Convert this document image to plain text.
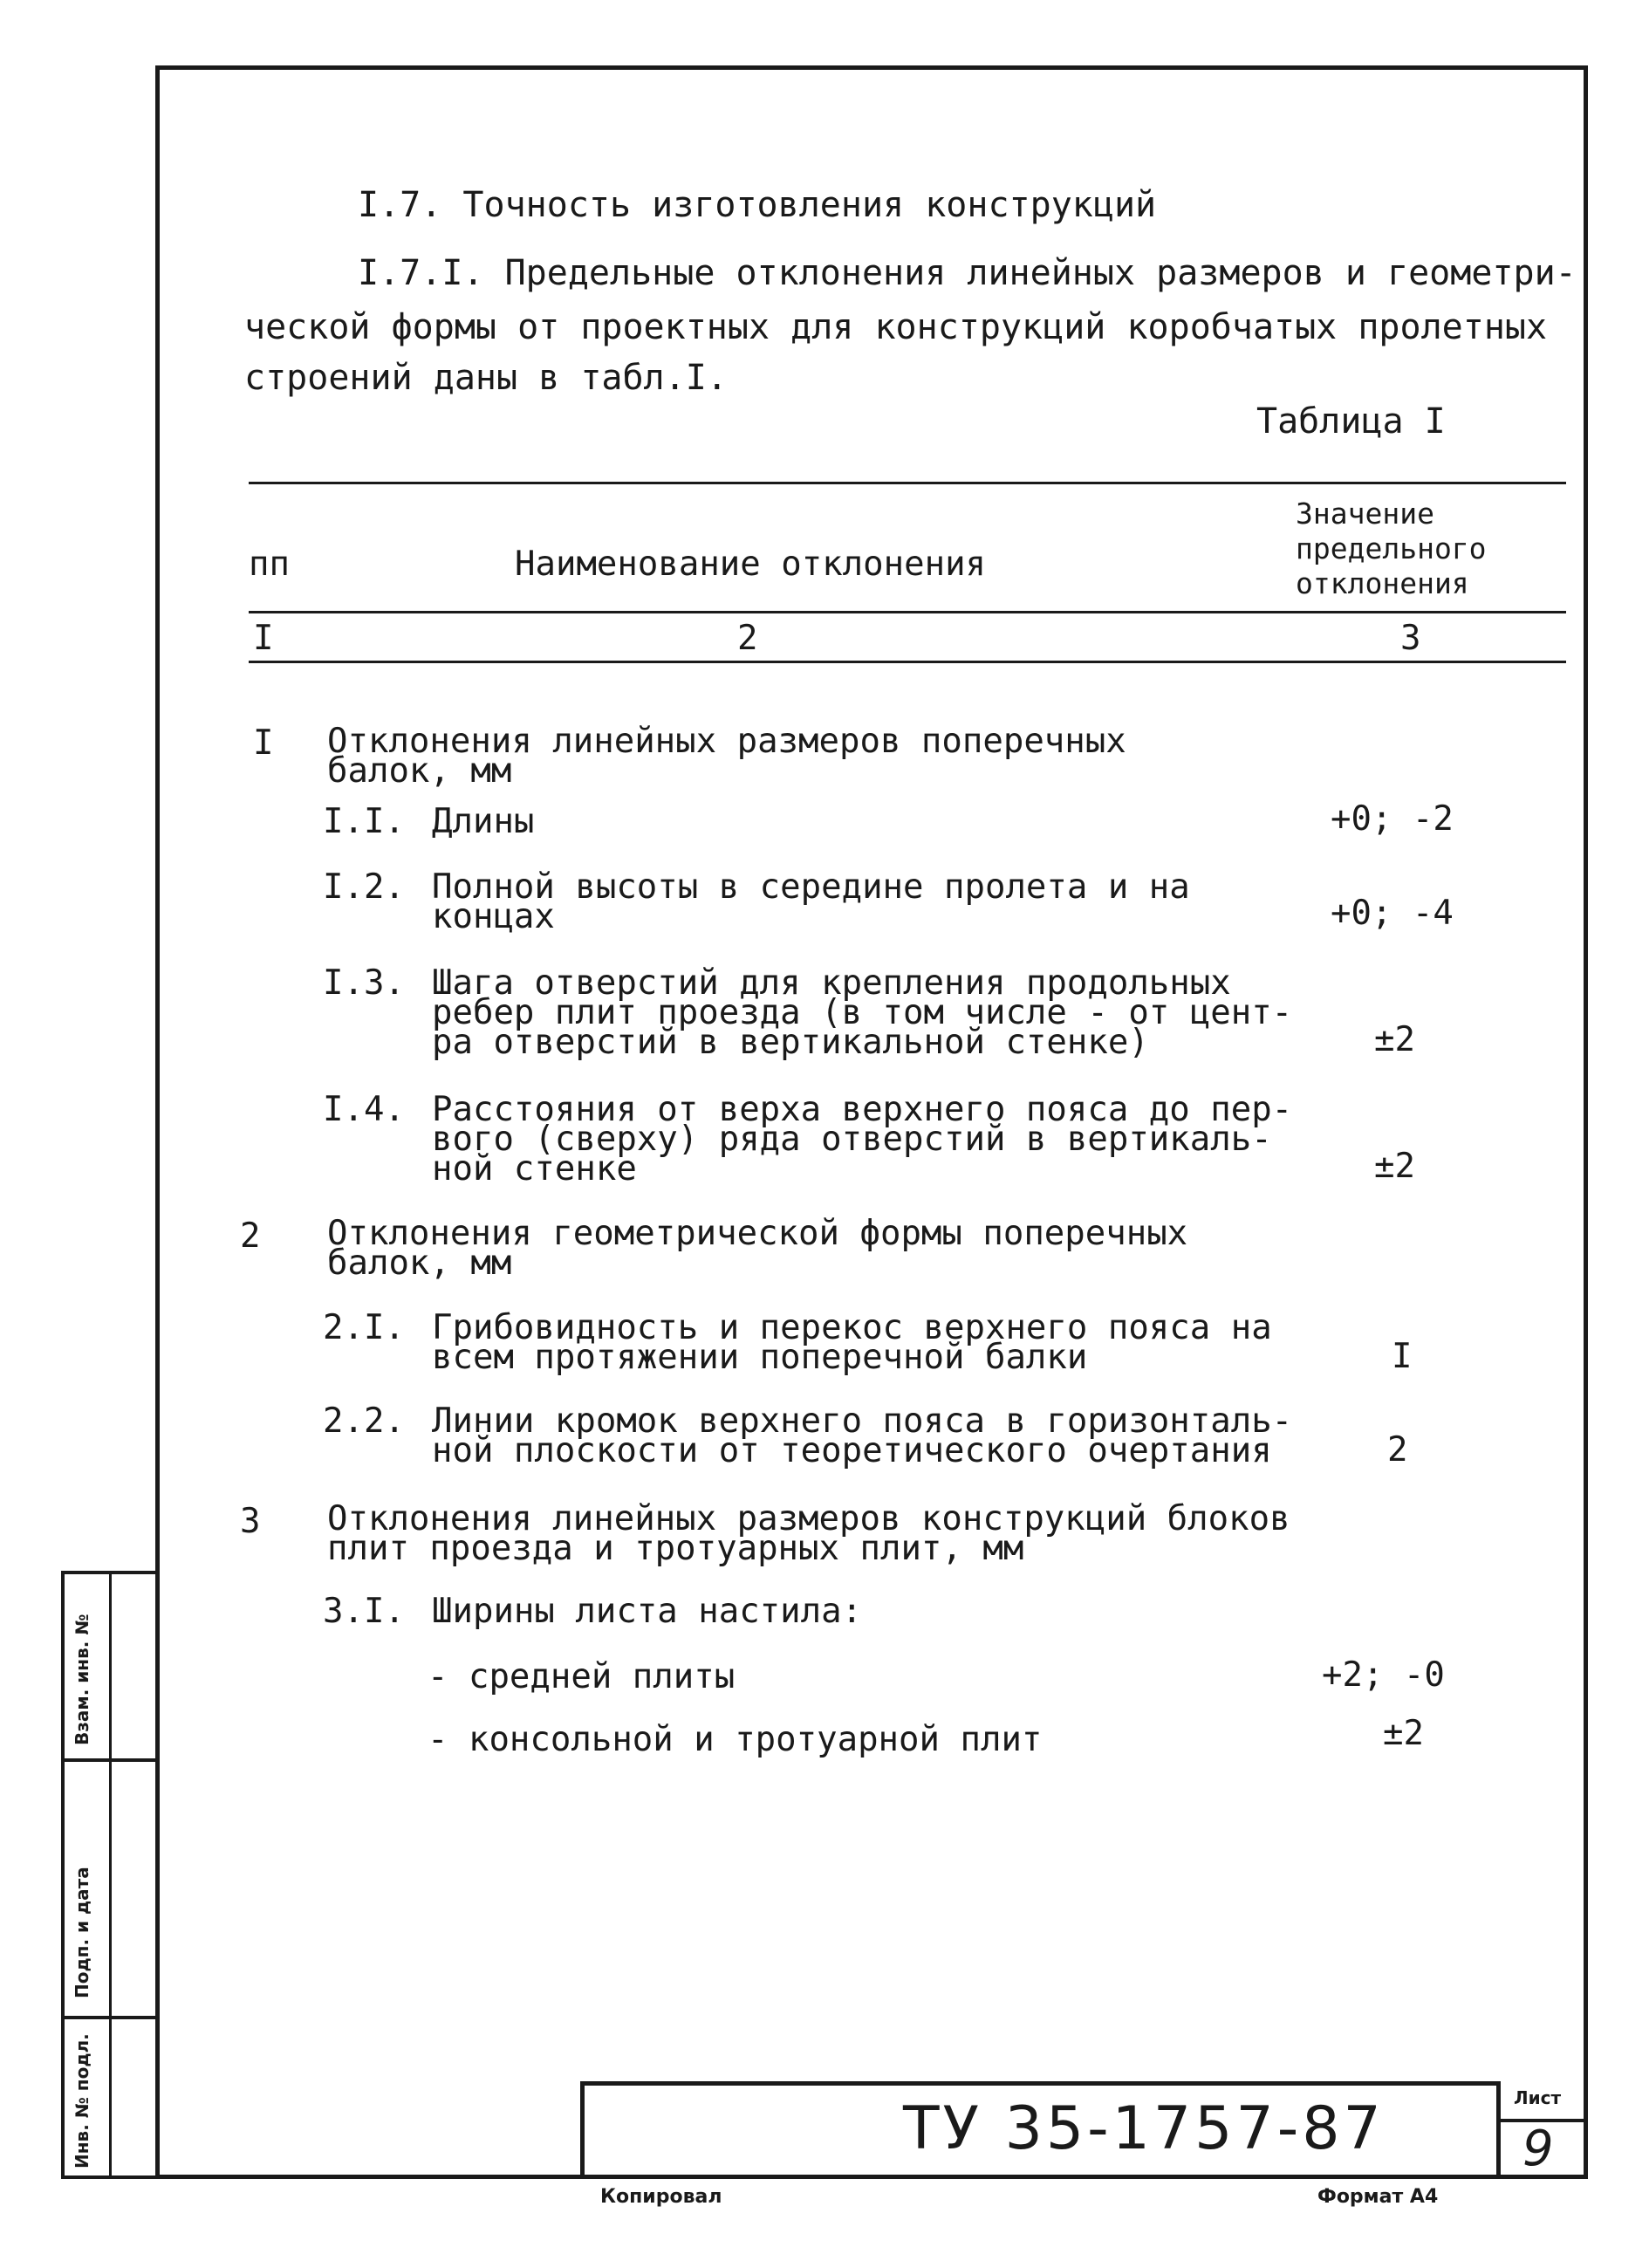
I.7. Точность изготовления конструкций
I.7.I. Предельные отклонения линейных размеров и геометри-
ческой формы от проектных для конструкций коробчатых пролетных
строений даны в табл.I.
Таблица I
пп	Наименование отклонения
Значение
предельного
отклонения
I	2	3
I Отклонения линейных размеров поперечных
балок, мм
I.I. Длины	+0; -2
I.2. Полной высоты в середине пролета и на
концах	+0; -4
I.3. Шага отверстий для крепления продольных
ребер плит проезда (в том числе - от цент-
ра отверстий в вертикальной стенке)	±2
I.4. Расстояния от верха верхнего пояса до пер-
вого (сверху) ряда отверстий в вертикаль-
ной стенке	±2
2 Отклонения геометрической формы поперечных
балок, мм
2.I. Грибовидность и перекос верхнего пояса на
всем протяжении поперечной балки	I
2.2. Линии кромок верхнего пояса в горизонталь-
ной плоскости от теоретического очертания	2
3 Отклонения линейных размеров конструкций блоков
плит проезда и тротуарных плит, мм
3.I. Ширины листа настила:
- средней плиты	+2; -0
- консольной и тротуарной плит	±2
Взам. инв. №
Подп. и дата
Инв. № подл.	ТУ 35-1757-87	Лист
9
Копировал	Формат А4
